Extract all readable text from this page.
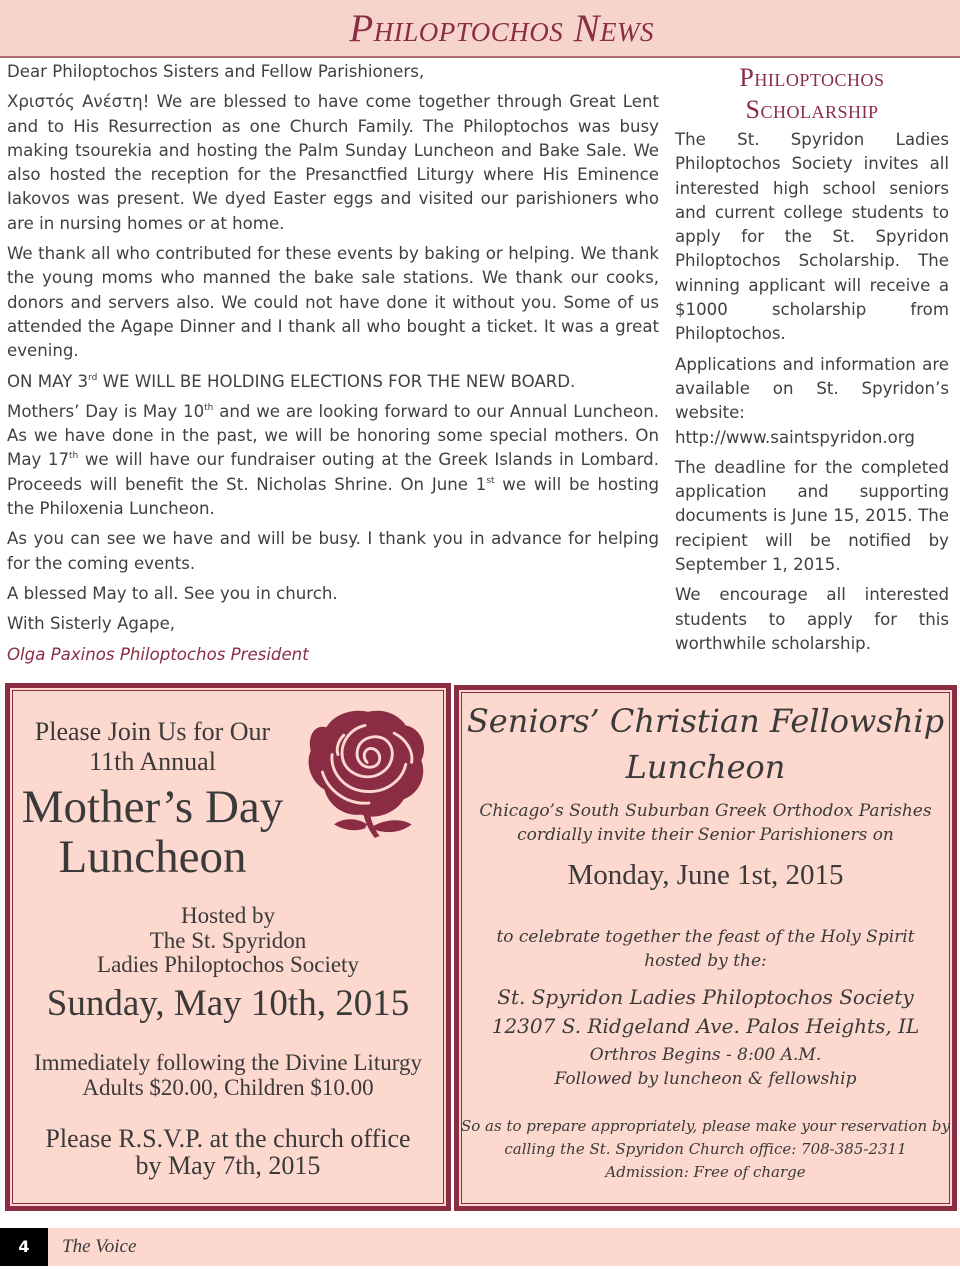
Philoptochos News

Dear Philoptochos Sisters and Fellow Parishioners,

Χριστός Ανέστη! We are blessed to have come together through Great Lent and to His Resurrection as one Church Family. The Philoptochos was busy making tsourekia and hosting the Palm Sunday Luncheon and Bake Sale. We also hosted the reception for the Presanctfied Liturgy where His Eminence Iakovos was present. We dyed Easter eggs and visited our parishioners who are in nursing homes or at home.

We thank all who contributed for these events by baking or helping. We thank the young moms who manned the bake sale stations. We thank our cooks, donors and servers also. We could not have done it without you. Some of us attended the Agape Dinner and I thank all who bought a ticket. It was a great evening.

ON MAY 3rd WE WILL BE HOLDING ELECTIONS FOR THE NEW BOARD.

Mothers’ Day is May 10th and we are looking forward to our Annual Luncheon. As we have done in the past, we will be honoring some special mothers. On May 17th we will have our fundraiser outing at the Greek Islands in Lombard. Proceeds will benefit the St. Nicholas Shrine. On June 1st we will be hosting the Philoxenia Luncheon.

As you can see we have and will be busy. I thank you in advance for helping for the coming events.

A blessed May to all. See you in church.

With Sisterly Agape,

Olga Paxinos Philoptochos President

Philoptochos Scholarship

The St. Spyridon Ladies Philoptochos Society invites all interested high school seniors and current college students to apply for the St. Spyridon Philoptochos Scholarship. The winning applicant will receive a $1000 scholarship from Philoptochos.

Applications and information are available on St. Spyridon’s website: http://www.saintspyridon.org

The deadline for the completed application and supporting documents is June 15, 2015. The recipient will be notified by September 1, 2015.

We encourage all interested students to apply for this worthwhile scholarship.

Please Join Us for Our
11th Annual
Mother’s Day
Luncheon
Hosted by
The St. Spyridon
Ladies Philoptochos Society
Sunday, May 10th, 2015
Immediately following the Divine Liturgy
Adults $20.00, Children $10.00
Please R.S.V.P. at the church office
by May 7th, 2015
Seniors’ Christian Fellowship
Luncheon
Chicago’s South Suburban Greek Orthodox Parishes
cordially invite their Senior Parishioners on
Monday, June 1st, 2015
to celebrate together the feast of the Holy Spirit
hosted by the:
St. Spyridon Ladies Philoptochos Society
12307 S. Ridgeland Ave. Palos Heights, IL
Orthros Begins - 8:00 A.M.
Followed by luncheon & fellowship
So as to prepare appropriately, please make your reservation by
calling the St. Spyridon Church office: 708-385-2311
Admission: Free of charge
4	The Voice
